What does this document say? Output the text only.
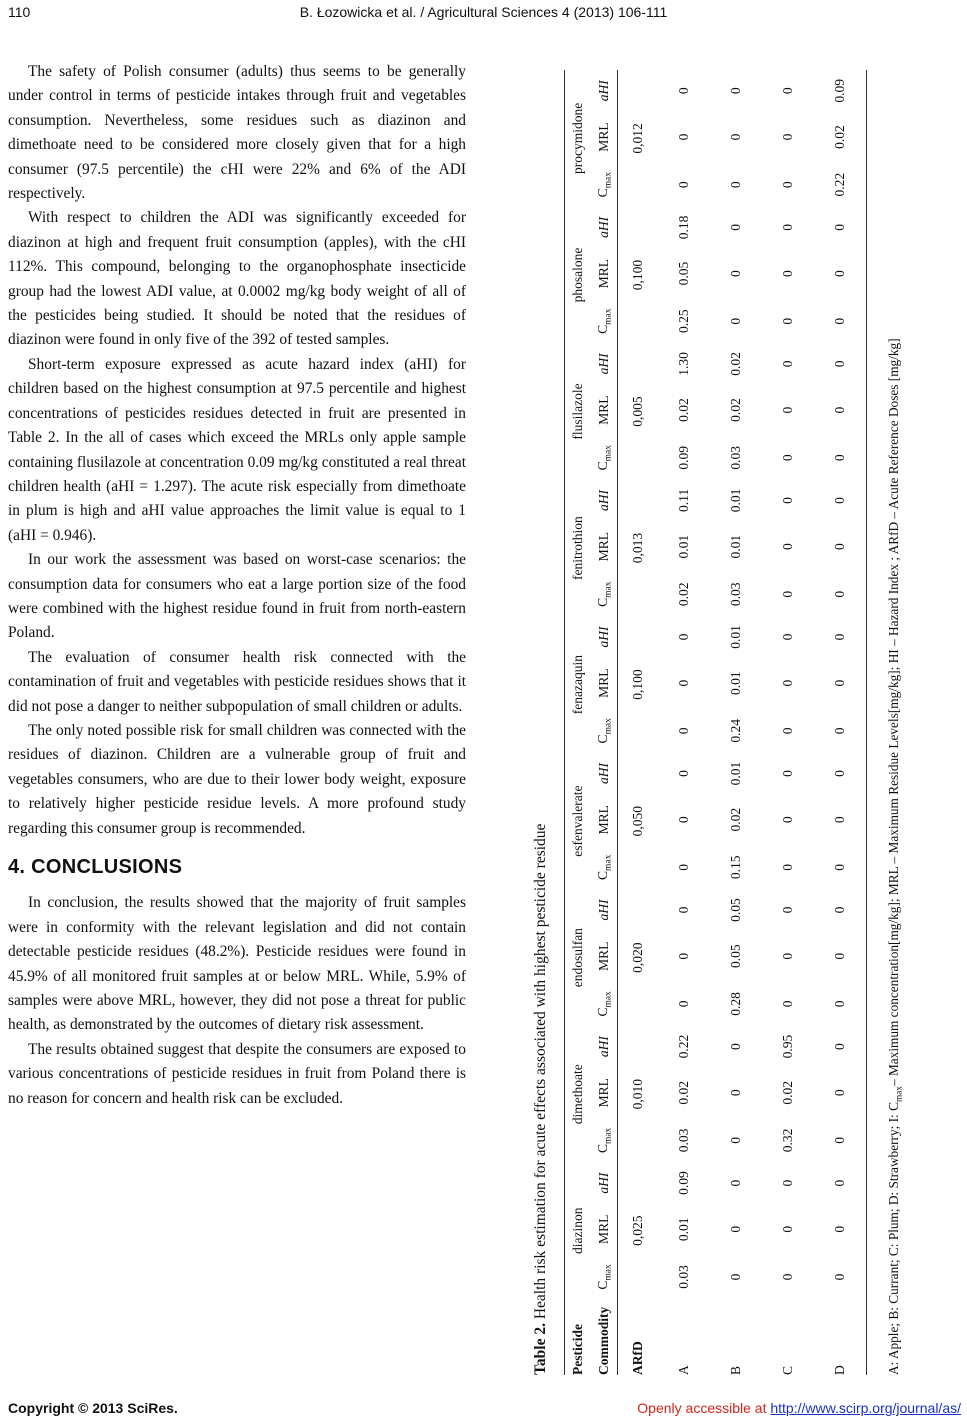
110	B. Łozowicka et al. / Agricultural Sciences 4 (2013) 106-111

The safety of Polish consumer (adults) thus seems to be generally under control in terms of pesticide intakes through fruit and vegetables consumption. Nevertheless, some residues such as diazinon and dimethoate need to be considered more closely given that for a high consumer (97.5 percentile) the cHI were 22% and 6% of the ADI respectively.

With respect to children the ADI was significantly exceeded for diazinon at high and frequent fruit consumption (apples), with the cHI 112%. This compound, belonging to the organophosphate insecticide group had the lowest ADI value, at 0.0002 mg/kg body weight of all of the pesticides being studied. It should be noted that the residues of diazinon were found in only five of the 392 of tested samples.

Short-term exposure expressed as acute hazard index (aHI) for children based on the highest consumption at 97.5 percentile and highest concentrations of pesticides residues detected in fruit are presented in Table 2. In the all of cases which exceed the MRLs only apple sample containing flusilazole at concentration 0.09 mg/kg constituted a real threat children health (aHI = 1.297). The acute risk especially from dimethoate in plum is high and aHI value approaches the limit value is equal to 1 (aHI = 0.946).

In our work the assessment was based on worst-case scenarios: the consumption data for consumers who eat a large portion size of the food were combined with the highest residue found in fruit from north-eastern Poland.

The evaluation of consumer health risk connected with the contamination of fruit and vegetables with pesticide residues shows that it did not pose a danger to neither subpopulation of small children or adults.

The only noted possible risk for small children was connected with the residues of diazinon. Children are a vulnerable group of fruit and vegetables consumers, who are due to their lower body weight, exposure to relatively higher pesticide residue levels. A more profound study regarding this consumer group is recommended.

4. CONCLUSIONS

In conclusion, the results showed that the majority of fruit samples were in conformity with the relevant legislation and did not contain detectable pesticide residues (48.2%). Pesticide residues were found in 45.9% of all monitored fruit samples at or below MRL. While, 5.9% of samples were above MRL, however, they did not pose a threat for public health, as demonstrated by the outcomes of dietary risk assessment.

The results obtained suggest that despite the consumers are exposed to various concentrations of pesticide residues in fruit from Poland there is no reason for concern and health risk can be excluded.

Table 2. Health risk estimation for acute effects associated with highest pesticide residue
Pesticide	diazinon			dimethoate			endosulfan			esfenvalerate			fenazaquin			fenitrothion			flusilazole			phosalone			procymidone		
Commodity	$C_{max}$	MRL	aHI	$C_{max}$	MRL	aHI	$C_{max}$	MRL	aHI	$C_{max}$	MRL	aHI	$C_{max}$	MRL	aHI	$C_{max}$	MRL	aHI	$C_{max}$	MRL	aHI	$C_{max}$	MRL	aHI	$C_{max}$	MRL	aHI
ARfD	0,025			0,010			0,020			0,050			0,100			0,013			0,005			0,100			0,012		
A	0.03	0.01	0.09	0.03	0.02	0.22	0	0	0	0	0	0	0	0	0	0.02	0.01	0.11	0.09	0.02	1.30	0.25	0.05	0.18	0	0	0
B	0	0	0	0	0	0	0.28	0.05	0.05	0.15	0.02	0.01	0.24	0.01	0.01	0.03	0.01	0.01	0.03	0.02	0.02	0	0	0	0	0	0
C	0	0	0	0.32	0.02	0.95	0	0	0	0	0	0	0	0	0	0	0	0	0	0	0	0	0	0	0	0	0
D	0	0	0	0	0	0	0	0	0	0	0	0	0	0	0	0	0	0	0	0	0	0	0	0	0.22	0.02	0.09
A: Apple; B: Currant; C: Plum; D: Strawberry; I: $C_{max}-$ Maximum concentration[mg/kg]; MRL – Maximum Residue Levels[mg/kg]; HI – Hazard Index ; ARfD – Acute Reference Doses [mg/kg]
Copyright © 2013 SciRes.	Openly accessible at http://www.scirp.org/journal/as/
